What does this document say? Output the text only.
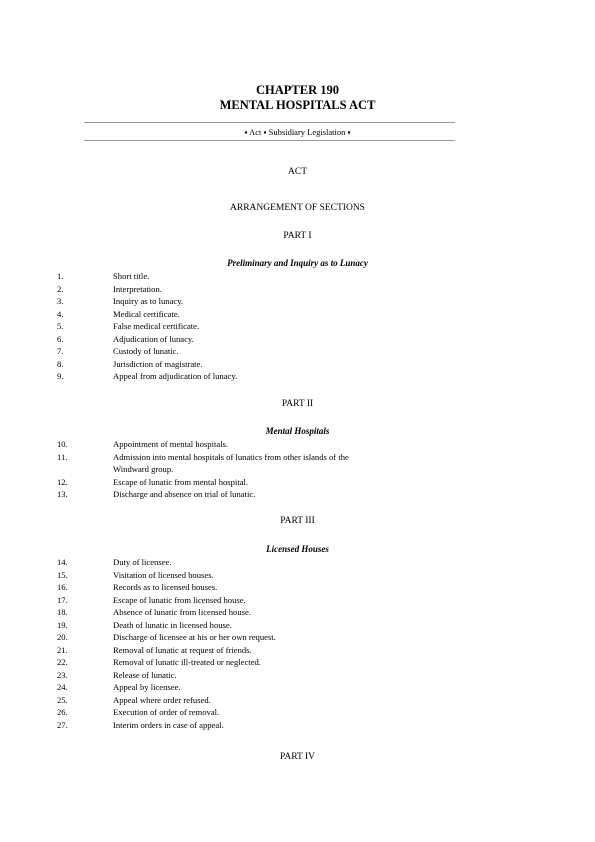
CHAPTER 190
MENTAL HOSPITALS ACT
▪ Act ▪ Subsidiary Legislation ▪
ACT
ARRANGEMENT OF SECTIONS
PART I
Preliminary and Inquiry as to Lunacy
1.	Short title.
2.	Interpretation.
3.	Inquiry as to lunacy.
4.	Medical certificate.
5.	False medical certificate.
6.	Adjudication of lunacy.
7.	Custody of lunatic.
8.	Jurisdiction of magistrate.
9.	Appeal from adjudication of lunacy.
PART II
Mental Hospitals
10.	Appointment of mental hospitals.
11.	Admission into mental hospitals of lunatics from other islands of the
Windward group.
12.	Escape of lunatic from mental hospital.
13.	Discharge and absence on trial of lunatic.
PART III
Licensed Houses
14.	Duty of licensee.
15.	Visitation of licensed houses.
16.	Records as to licensed houses.
17.	Escape of lunatic from licensed house.
18.	Absence of lunatic from licensed house.
19.	Death of lunatic in licensed house.
20.	Discharge of licensee at his or her own request.
21.	Removal of lunatic at request of friends.
22.	Removal of lunatic ill-treated or neglected.
23.	Release of lunatic.
24.	Appeal by licensee.
25.	Appeal where order refused.
26.	Execution of order of removal.
27.	Interim orders in case of appeal.
PART IV
